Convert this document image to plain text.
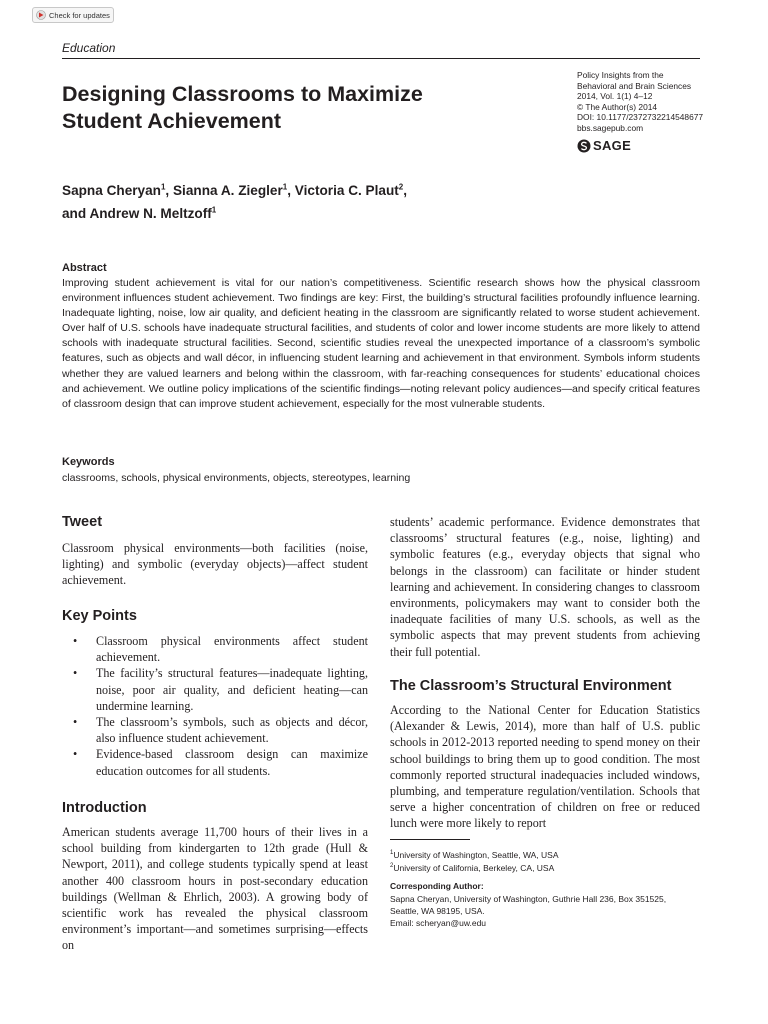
Check for updates
Education
Designing Classrooms to Maximize
Student Achievement
Policy Insights from the
Behavioral and Brain Sciences
2014, Vol. 1(1) 4–12
© The Author(s) 2014
DOI: 10.1177/2372732214548677
bbs.sagepub.com
SAGE
Sapna Cheryan$^1$, Sianna A. Ziegler$^1$, Victoria C. Plaut$^2$,
and Andrew N. Meltzoff$^1$
Abstract

Improving student achievement is vital for our nation’s competitiveness. Scientific research shows how the physical classroom environment influences student achievement. Two findings are key: First, the building’s structural facilities profoundly influence learning. Inadequate lighting, noise, low air quality, and deficient heating in the classroom are significantly related to worse student achievement. Over half of U.S. schools have inadequate structural facilities, and students of color and lower income students are more likely to attend schools with inadequate structural facilities. Second, scientific studies reveal the unexpected importance of a classroom’s symbolic features, such as objects and wall décor, in influencing student learning and achievement in that environment. Symbols inform students whether they are valued learners and belong within the classroom, with far-reaching consequences for students’ educational choices and achievement. We outline policy implications of the scientific findings—noting relevant policy audiences—and specify critical features of classroom design that can improve student achievement, especially for the most vulnerable students.

Keywords
classrooms, schools, physical environments, objects, stereotypes, learning
Tweet

Classroom physical environments—both facilities (noise, lighting) and symbolic (everyday objects)—affect student achievement.

Key Points
• Classroom physical environments affect student achievement.
• The facility’s structural features—inadequate lighting, noise, poor air quality, and deficient heating—can undermine learning.
• The classroom’s symbols, such as objects and décor, also influence student achievement.
• Evidence-based classroom design can maximize education outcomes for all students.
Introduction

American students average 11,700 hours of their lives in a school building from kindergarten to 12th grade (Hull & Newport, 2011), and college students typically spend at least another 400 classroom hours in post-secondary education buildings (Wellman & Ehrlich, 2003). A growing body of scientific work has revealed the physical classroom environment’s important—and sometimes surprising—effects on

students’ academic performance. Evidence demonstrates that classrooms’ structural features (e.g., noise, lighting) and symbolic features (e.g., everyday objects that signal who belongs in the classroom) can facilitate or hinder student learning and achievement. In considering changes to classroom environments, policymakers may want to consider both the inadequate facilities of many U.S. schools, as well as the symbolic aspects that may prevent students from achieving their full potential.

The Classroom’s Structural Environment

According to the National Center for Education Statistics (Alexander & Lewis, 2014), more than half of U.S. public schools in 2012-2013 reported needing to spend money on their school buildings to bring them up to good condition. The most commonly reported structural inadequacies included windows, plumbing, and temperature regulation/ventilation. Schools that serve a higher concentration of children on free or reduced lunch were more likely to report

$^1$University of Washington, Seattle, WA, USA
$^2$University of California, Berkeley, CA, USA
Corresponding Author:
Sapna Cheryan, University of Washington, Guthrie Hall 236, Box 351525,
Seattle, WA 98195, USA.
Email: scheryan@uw.edu
